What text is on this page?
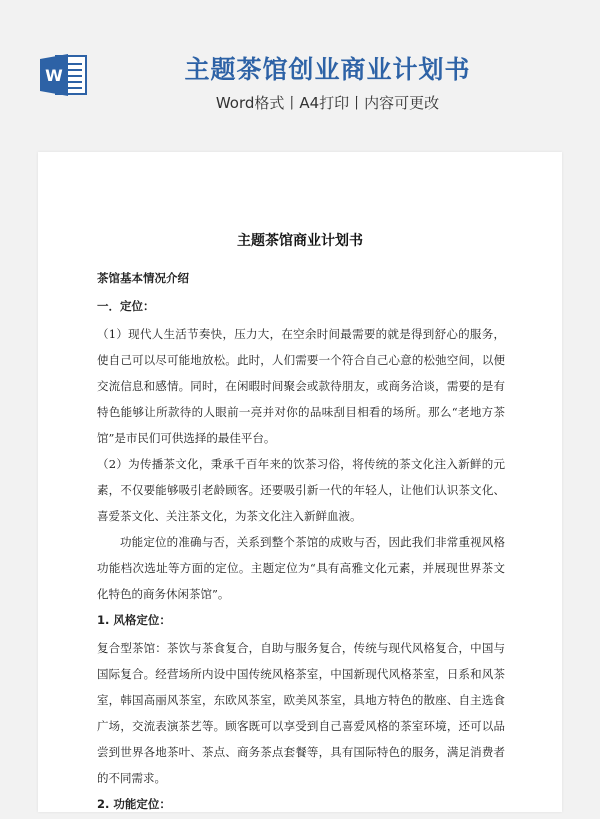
W	主题茶馆创业商业计划书
Word格式丨A4打印丨内容可更改
主题茶馆商业计划书

茶馆基本情况介绍

一．定位：

（1）现代人生活节奏快，压力大，在空余时间最需要的就是得到舒心的服务，使自己可以尽可能地放松。此时，人们需要一个符合自己心意的松弛空间，以便交流信息和感情。同时，在闲暇时间聚会或款待朋友，或商务洽谈，需要的是有特色能够让所款待的人眼前一亮并对你的品味刮目相看的场所。那么“老地方茶馆”是市民们可供选择的最佳平台。

（2）为传播茶文化，秉承千百年来的饮茶习俗，将传统的茶文化注入新鲜的元素，不仅要能够吸引老龄顾客。还要吸引新一代的年轻人，让他们认识茶文化、喜爱茶文化、关注茶文化，为茶文化注入新鲜血液。

功能定位的准确与否，关系到整个茶馆的成败与否，因此我们非常重视风格功能档次选址等方面的定位。主题定位为“具有高雅文化元素，并展现世界茶文化特色的商务休闲茶馆”。

1. 风格定位：

复合型茶馆：茶饮与茶食复合，自助与服务复合，传统与现代风格复合，中国与国际复合。经营场所内设中国传统风格茶室，中国新现代风格茶室，日系和风茶室，韩国高丽风茶室，东欧风茶室，欧美风茶室，具地方特色的散座、自主选食广场，交流表演茶艺等。顾客既可以享受到自己喜爱风格的茶室环境，还可以品尝到世界各地茶叶、茶点、商务茶点套餐等，具有国际特色的服务，满足消费者的不同需求。

2. 功能定位：
